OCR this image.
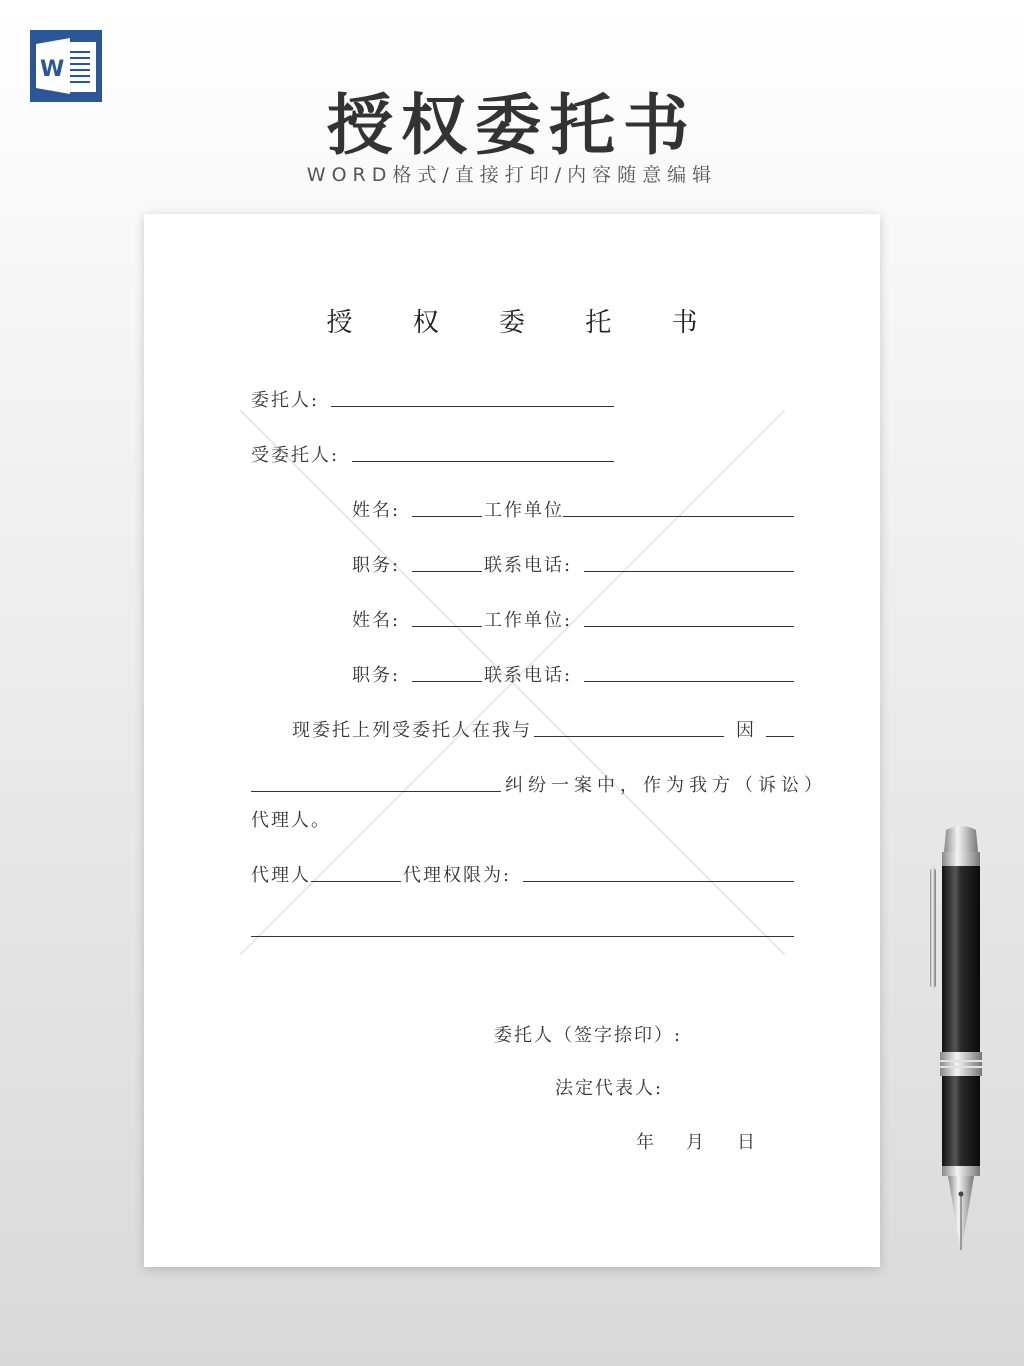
W
授权委托书
WORD格式/直接打印/内容随意编辑
授 权 委 托 书
委托人:
受委托人:
姓名:	工作单位
职务:	联系电话:
姓名:	工作单位:
职务:	联系电话:
现委托上列受委托人在我与	因
纠纷一案中，作为我方（诉讼）
代理人。
代理人	代理权限为:
委托人（签字捺印）:
法定代表人:
年 月 日
